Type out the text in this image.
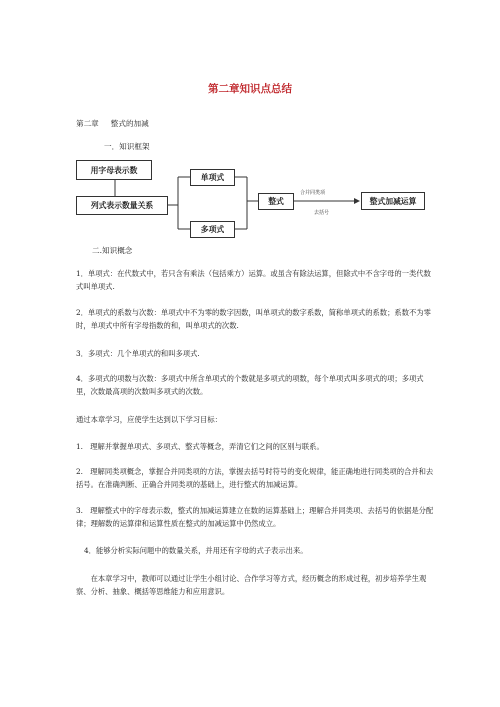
第二章知识点总结
第二章 整式的加减
一．知识框架
用字母表示数
列式表示数量关系
单项式
多项式
整式	整式加减运算
合并同类项
去括号
二.知识概念
1．单项式：在代数式中，若只含有乘法（包括乘方）运算。或虽含有除法运算，但除式中不含字母的一类代数式叫单项式.
2．单项式的系数与次数：单项式中不为零的数字因数，叫单项式的数字系数，简称单项式的系数；系数不为零时，单项式中所有字母指数的和，叫单项式的次数.
3．多项式：几个单项式的和叫多项式.
4．多项式的项数与次数：多项式中所含单项式的个数就是多项式的项数，每个单项式叫多项式的项；多项式里，次数最高项的次数叫多项式的次数。
通过本章学习，应使学生达到以下学习目标：
1.　理解并掌握单项式、多项式、整式等概念，弄清它们之间的区别与联系。
2.　理解同类项概念，掌握合并同类项的方法，掌握去括号时符号的变化规律，能正确地进行同类项的合并和去括号。在准确判断、正确合并同类项的基础上，进行整式的加减运算。
3.　理解整式中的字母表示数，整式的加减运算建立在数的运算基础上；理解合并同类项、去括号的依据是分配律；理解数的运算律和运算性质在整式的加减运算中仍然成立。
4．能够分析实际问题中的数量关系，并用还有字母的式子表示出来。
在本章学习中，教师可以通过让学生小组讨论、合作学习等方式，经历概念的形成过程，初步培养学生观察、分析、抽象、概括等思维能力和应用意识。
